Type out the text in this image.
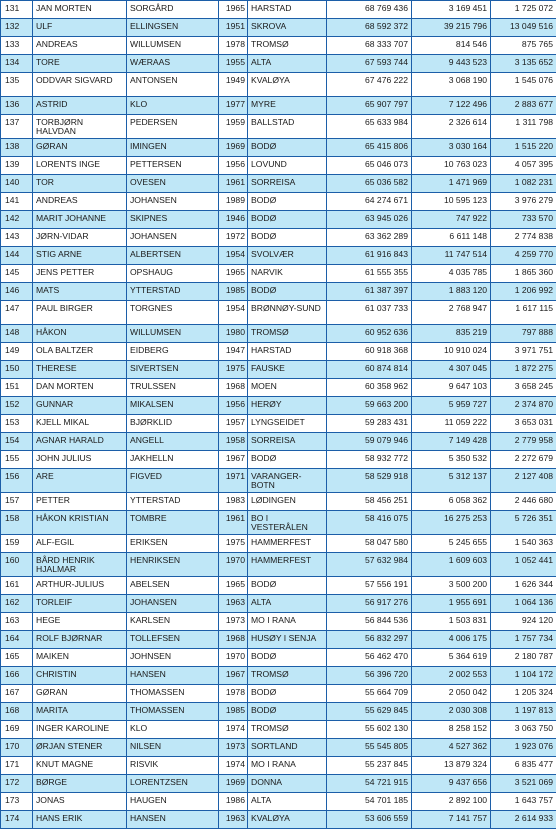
131	JAN MORTEN	SORGÅRD	1965	HARSTAD	68 769 436	3 169 451	1 725 072
132	ULF	ELLINGSEN	1951	SKROVA	68 592 372	39 215 796	13 049 516
133	ANDREAS	WILLUMSEN	1978	TROMSØ	68 333 707	814 546	875 765
134	TORE	WÆRAAS	1955	ALTA	67 593 744	9 443 523	3 135 652
135	ODDVAR SIGVARD	ANTONSEN	1949	KVALØYA	67 476 222	3 068 190	1 545 076
136	ASTRID	KLO	1977	MYRE	65 907 797	7 122 496	2 883 677
137	TORBJØRN HALVDAN	PEDERSEN	1959	BALLSTAD	65 633 984	2 326 614	1 311 798
138	GØRAN	IMINGEN	1969	BODØ	65 415 806	3 030 164	1 515 220
139	LORENTS INGE	PETTERSEN	1956	LOVUND	65 046 073	10 763 023	4 057 395
140	TOR	OVESEN	1961	SORREISA	65 036 582	1 471 969	1 082 231
141	ANDREAS	JOHANSEN	1989	BODØ	64 274 671	10 595 123	3 976 279
142	MARIT JOHANNE	SKIPNES	1946	BODØ	63 945 026	747 922	733 570
143	JØRN-VIDAR	JOHANSEN	1972	BODØ	63 362 289	6 611 148	2 774 838
144	STIG ARNE	ALBERTSEN	1954	SVOLVÆR	61 916 843	11 747 514	4 259 770
145	JENS PETTER	OPSHAUG	1965	NARVIK	61 555 355	4 035 785	1 865 360
146	MATS	YTTERSTAD	1985	BODØ	61 387 397	1 883 120	1 206 992
147	PAUL BIRGER	TORGNES	1954	BRØNNØY-SUND	61 037 733	2 768 947	1 617 115
148	HÅKON	WILLUMSEN	1980	TROMSØ	60 952 636	835 219	797 888
149	OLA BALTZER	EIDBERG	1947	HARSTAD	60 918 368	10 910 024	3 971 751
150	THERESE	SIVERTSEN	1975	FAUSKE	60 874 814	4 307 045	1 872 275
151	DAN MORTEN	TRULSSEN	1968	MOEN	60 358 962	9 647 103	3 658 245
152	GUNNAR	MIKALSEN	1956	HERØY	59 663 200	5 959 727	2 374 870
153	KJELL MIKAL	BJØRKLID	1957	LYNGSEIDET	59 283 431	11 059 222	3 653 031
154	AGNAR HARALD	ANGELL	1958	SORREISA	59 079 946	7 149 428	2 779 958
155	JOHN JULIUS	JAKHELLN	1967	BODØ	58 932 772	5 350 532	2 272 679
156	ARE	FIGVED	1971	VARANGER-BOTN	58 529 918	5 312 137	2 127 408
157	PETTER	YTTERSTAD	1983	LØDINGEN	58 456 251	6 058 362	2 446 680
158	HÅKON KRISTIAN	TOMBRE	1961	BO I VESTERÅLEN	58 416 075	16 275 253	5 726 351
159	ALF-EGIL	ERIKSEN	1975	HAMMERFEST	58 047 580	5 245 655	1 540 363
160	BÅRD HENRIK HJALMAR	HENRIKSEN	1970	HAMMERFEST	57 632 984	1 609 603	1 052 441
161	ARTHUR-JULIUS	ABELSEN	1965	BODØ	57 556 191	3 500 200	1 626 344
162	TORLEIF	JOHANSEN	1963	ALTA	56 917 276	1 955 691	1 064 136
163	HEGE	KARLSEN	1973	MO I RANA	56 844 536	1 503 831	924 120
164	ROLF BJØRNAR	TOLLEFSEN	1968	HUSØY I SENJA	56 832 297	4 006 175	1 757 734
165	MAIKEN	JOHNSEN	1970	BODØ	56 462 470	5 364 619	2 180 787
166	CHRISTIN	HANSEN	1967	TROMSØ	56 396 720	2 002 553	1 104 172
167	GØRAN	THOMASSEN	1978	BODØ	55 664 709	2 050 042	1 205 324
168	MARITA	THOMASSEN	1985	BODØ	55 629 845	2 030 308	1 197 813
169	INGER KAROLINE	KLO	1974	TROMSØ	55 602 130	8 258 152	3 063 750
170	ØRJAN STENER	NILSEN	1973	SORTLAND	55 545 805	4 527 362	1 923 076
171	KNUT MAGNE	RISVIK	1974	MO I RANA	55 237 845	13 879 324	6 835 477
172	BØRGE	LORENTZSEN	1969	DONNA	54 721 915	9 437 656	3 521 069
173	JONAS	HAUGEN	1986	ALTA	54 701 185	2 892 100	1 643 757
174	HANS ERIK	HANSEN	1963	KVALØYA	53 606 559	7 141 757	2 614 933
